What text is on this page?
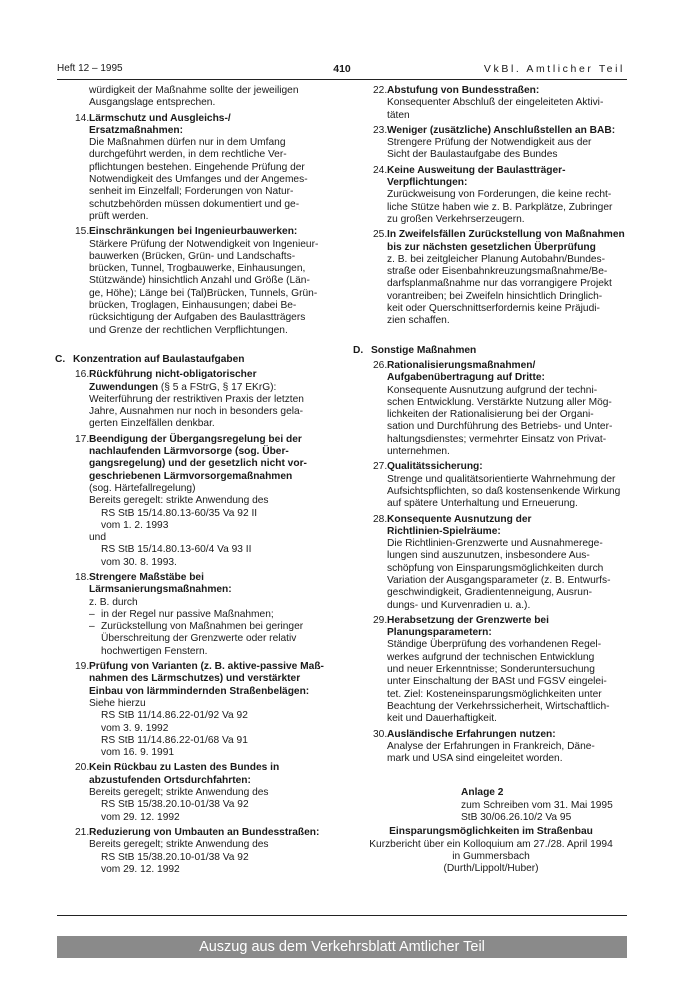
Heft 12 – 1995	410	VkBl. Amtlicher Teil
würdigkeit der Maßnahme sollte der jeweiligen
Ausgangslage entsprechen.
14. Lärmschutz und Ausgleichs-/
Ersatzmaßnahmen:
Die Maßnahmen dürfen nur in dem Umfang
durchgeführt werden, in dem rechtliche Ver-
pflichtungen bestehen. Eingehende Prüfung der
Notwendigkeit des Umfanges und der Angemes-
senheit im Einzelfall; Forderungen von Natur-
schutzbehörden müssen dokumentiert und ge-
prüft werden.
15. Einschränkungen bei Ingenieurbauwerken:
Stärkere Prüfung der Notwendigkeit von Ingenieur-
bauwerken (Brücken, Grün- und Landschafts-
brücken, Tunnel, Trogbauwerke, Einhausungen,
Stützwände) hinsichtlich Anzahl und Größe (Län-
ge, Höhe); Länge bei (Tal)Brücken, Tunnels, Grün-
brücken, Troglagen, Einhausungen; dabei Be-
rücksichtigung der Aufgaben des Baulastträgers
und Grenze der rechtlichen Verpflichtungen.
C. Konzentration auf Baulastaufgaben
16. Rückführung nicht-obligatorischer
Zuwendungen (§ 5 a FStrG, § 17 EKrG):
Weiterführung der restriktiven Praxis der letzten
Jahre, Ausnahmen nur noch in besonders gela-
gerten Einzelfällen denkbar.
17. Beendigung der Übergangsregelung bei der
nachlaufenden Lärmvorsorge (sog. Über-
gangsregelung) und der gesetzlich nicht vor-
geschriebenen Lärmvorsorgemaßnahmen
(sog. Härtefallregelung)
Bereits geregelt: strikte Anwendung des
RS StB 15/14.80.13-60/35 Va 92 II
vom 1. 2. 1993
und
RS StB 15/14.80.13-60/4 Va 93 II
vom 30. 8. 1993.
18. Strengere Maßstäbe bei
Lärmsanierungsmaßnahmen:
z. B. durch
– in der Regel nur passive Maßnahmen;
– Zurückstellung von Maßnahmen bei geringer
Überschreitung der Grenzwerte oder relativ
hochwertigen Fenstern.
19. Prüfung von Varianten (z. B. aktive-passive Maß-
nahmen des Lärmschutzes) und verstärkter
Einbau von lärmmindernden Straßenbelägen:
Siehe hierzu
RS StB 11/14.86.22-01/92 Va 92
vom 3. 9. 1992
RS StB 11/14.86.22-01/68 Va 91
vom 16. 9. 1991
20. Kein Rückbau zu Lasten des Bundes in
abzustufenden Ortsdurchfahrten:
Bereits geregelt; strikte Anwendung des
RS StB 15/38.20.10-01/38 Va 92
vom 29. 12. 1992
21. Reduzierung von Umbauten an Bundesstraßen:
Bereits geregelt; strikte Anwendung des
RS StB 15/38.20.10-01/38 Va 92
vom 29. 12. 1992
22. Abstufung von Bundesstraßen:
Konsequenter Abschluß der eingeleiteten Aktivi-
täten
23. Weniger (zusätzliche) Anschlußstellen an BAB:
Strengere Prüfung der Notwendigkeit aus der
Sicht der Baulastaufgabe des Bundes
24. Keine Ausweitung der Baulastträger-
Verpflichtungen:
Zurückweisung von Forderungen, die keine recht-
liche Stütze haben wie z. B. Parkplätze, Zubringer
zu großen Verkehrserzeugern.
25. In Zweifelsfällen Zurückstellung von Maßnahmen
bis zur nächsten gesetzlichen Überprüfung
z. B. bei zeitgleicher Planung Autobahn/Bundes-
straße oder Eisenbahnkreuzungsmaßnahme/Be-
darfsplanmaßnahme nur das vorrangigere Projekt
vorantreiben; bei Zweifeln hinsichtlich Dringlich-
keit oder Querschnittserfordernis keine Präjudi-
zien schaffen.
D. Sonstige Maßnahmen
26. Rationalisierungsmaßnahmen/
Aufgabenübertragung auf Dritte:
Konsequente Ausnutzung aufgrund der techni-
schen Entwicklung. Verstärkte Nutzung aller Mög-
lichkeiten der Rationalisierung bei der Organi-
sation und Durchführung des Betriebs- und Unter-
haltungsdienstes; vermehrter Einsatz von Privat-
unternehmen.
27. Qualitätssicherung:
Strenge und qualitätsorientierte Wahrnehmung der
Aufsichtspflichten, so daß kostensenkende Wirkung
auf spätere Unterhaltung und Erneuerung.
28. Konsequente Ausnutzung der
Richtlinien-Spielräume:
Die Richtlinien-Grenzwerte und Ausnahmerege-
lungen sind auszunutzen, insbesondere Aus-
schöpfung von Einsparungsmöglichkeiten durch
Variation der Ausgangsparameter (z. B. Entwurfs-
geschwindigkeit, Gradientenneigung, Ausrun-
dungs- und Kurvenradien u. a.).
29. Herabsetzung der Grenzwerte bei
Planungsparametern:
Ständige Überprüfung des vorhandenen Regel-
werkes aufgrund der technischen Entwicklung
und neuer Erkenntnisse; Sonderuntersuchung
unter Einschaltung der BASt und FGSV eingelei-
tet. Ziel: Kosteneinsparungsmöglichkeiten unter
Beachtung der Verkehrssicherheit, Wirtschaftlich-
keit und Dauerhaftigkeit.
30. Ausländische Erfahrungen nutzen:
Analyse der Erfahrungen in Frankreich, Däne-
mark und USA sind eingeleitet worden.
Anlage 2
zum Schreiben vom 31. Mai 1995
StB 30/06.26.10/2 Va 95
Einsparungsmöglichkeiten im Straßenbau
Kurzbericht über ein Kolloquium am 27./28. April 1994
in Gummersbach
(Durth/Lippolt/Huber)
Auszug aus dem Verkehrsblatt Amtlicher Teil
